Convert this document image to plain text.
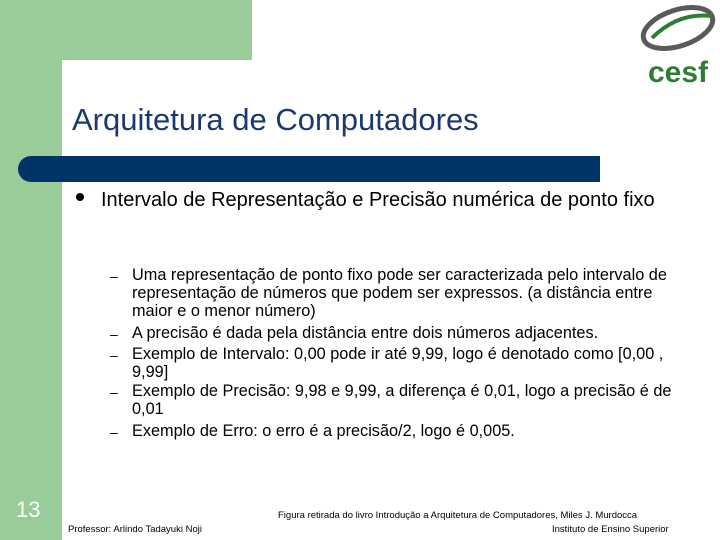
cesf
Arquitetura de Computadores
Intervalo de Representação e Precisão numérica de ponto fixo
– Uma representação de ponto fixo pode ser caracterizada pelo intervalo de representação de números que podem ser expressos. (a distância entre maior e o menor número)
– A precisão é dada pela distância entre dois números adjacentes.
– Exemplo de Intervalo: 0,00 pode ir até 9,99, logo é denotado como [0,00 , 9,99]
– Exemplo de Precisão: 9,98 e 9,99, a diferença é 0,01, logo a precisão é de 0,01
– Exemplo de Erro: o erro é a precisão/2, logo é 0,005.
13	Figura retirada do livro Introdução a Arquitetura de Computadores, Miles J. Murdocca
Instituto de Ensino Superior
Professor: Arlindo Tadayuki Noji
